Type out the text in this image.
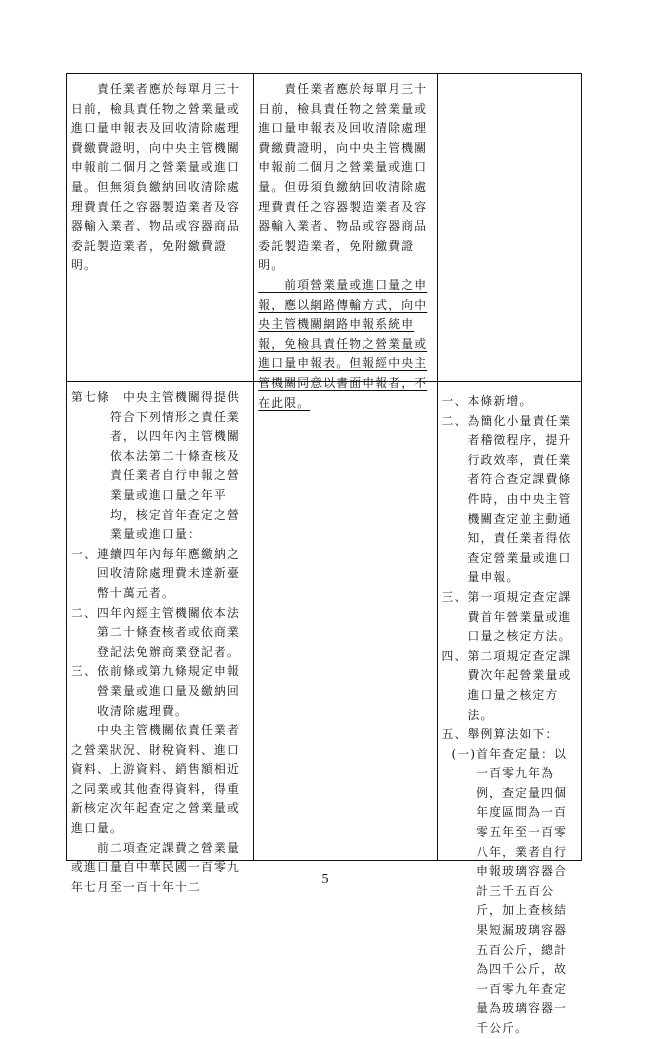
　　責任業者應於每單月三十日前，檢具責任物之營業量或進口量申報表及回收清除處理費繳費證明，向中央主管機關申報前二個月之營業量或進口量。但無須負繳納回收清除處理費責任之容器製造業者及容器輸入業者、物品或容器商品委託製造業者，免附繳費證明。

　　責任業者應於每單月三十日前，檢具責任物之營業量或進口量申報表及回收清除處理費繳費證明，向中央主管機關申報前二個月之營業量或進口量。但毋須負繳納回收清除處理費責任之容器製造業者及容器輸入業者、物品或容器商品委託製造業者，免附繳費證明。

　　前項營業量或進口量之申報，應以網路傳輸方式，向中央主管機關網路申報系統申報，免檢具責任物之營業量或進口量申報表。但報經中央主管機關同意以書面申報者，不在此限。

第七條 　中央主管機關得提供符合下列情形之責任業者，以四年內主管機關依本法第二十條查核及責任業者自行申報之營業量或進口量之年平均，核定首年查定之營業量或進口量：
一、 連續四年內每年應繳納之回收清除處理費未達新臺幣十萬元者。
二、 四年內經主管機關依本法第二十條查核者或依商業登記法免辦商業登記者。
三、 依前條或第九條規定申報營業量或進口量及繳納回收清除處理費。

　　中央主管機關依責任業者之營業狀況、財稅資料、進口資料、上游資料、銷售額相近之同業或其他查得資料，得重新核定次年起查定之營業量或進口量。

　　前二項查定課費之營業量或進口量自中華民國一百零九年七月至一百十年十二

一、 本條新增。
二、 為簡化小量責任業者稽徵程序，提升行政效率，責任業者符合查定課費條件時，由中央主管機關查定並主動通知，責任業者得依查定營業量或進口量申報。
三、 第一項規定查定課費首年營業量或進口量之核定方法。
四、 第二項規定查定課費次年起營業量或進口量之核定方法。
五、 舉例算法如下：
(一) 首年查定量：以一百零九年為例，查定量四個年度區間為一百零五年至一百零八年，業者自行申報玻璃容器合計三千五百公斤，加上查核結果短漏玻璃容器五百公斤，總計為四千公斤，故一百零九年查定量為玻璃容器一千公斤。
5
